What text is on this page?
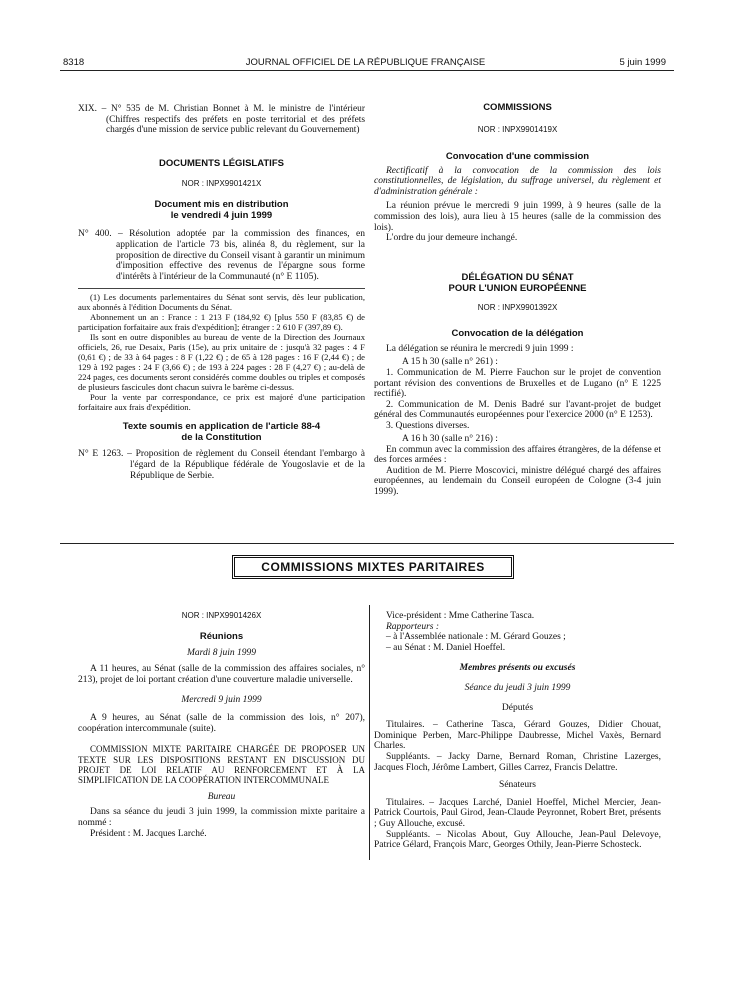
8318	JOURNAL OFFICIEL DE LA RÉPUBLIQUE FRANÇAISE	5 juin 1999

XIX. – N° 535 de M. Christian Bonnet à M. le ministre de l'intérieur (Chiffres respectifs des préfets en poste territorial et des préfets chargés d'une mission de service public relevant du Gouvernement)

DOCUMENTS LÉGISLATIFS
NOR : INPX9901421X
Document mis en distribution
le vendredi 4 juin 1999

N° 400. – Résolution adoptée par la commission des finances, en application de l'article 73 bis, alinéa 8, du règlement, sur la proposition de directive du Conseil visant à garantir un minimum d'imposition effective des revenus de l'épargne sous forme d'intérêts à l'intérieur de la Communauté (n° E 1105).

(1) Les documents parlementaires du Sénat sont servis, dès leur publication, aux abonnés à l'édition Documents du Sénat.

Abonnement un an : France : 1 213 F (184,92 €) [plus 550 F (83,85 €) de participation forfaitaire aux frais d'expédition]; étranger : 2 610 F (397,89 €).

Ils sont en outre disponibles au bureau de vente de la Direction des Journaux officiels, 26, rue Desaix, Paris (15e), au prix unitaire de : jusqu'à 32 pages : 4 F (0,61 €) ; de 33 à 64 pages : 8 F (1,22 €) ; de 65 à 128 pages : 16 F (2,44 €) ; de 129 à 192 pages : 24 F (3,66 €) ; de 193 à 224 pages : 28 F (4,27 €) ; au-delà de 224 pages, ces documents seront considérés comme doubles ou triples et composés de plusieurs fascicules dont chacun suivra le barème ci-dessus.

Pour la vente par correspondance, ce prix est majoré d'une participation forfaitaire aux frais d'expédition.

Texte soumis en application de l'article 88-4
de la Constitution

N° E 1263. – Proposition de règlement du Conseil étendant l'embargo à l'égard de la République fédérale de Yougoslavie et de la République de Serbie.

COMMISSIONS
NOR : INPX9901419X
Convocation d'une commission

Rectificatif à la convocation de la commission des lois constitutionnelles, de législation, du suffrage universel, du règlement et d'administration générale :

La réunion prévue le mercredi 9 juin 1999, à 9 heures (salle de la commission des lois), aura lieu à 15 heures (salle de la commission des lois).

L'ordre du jour demeure inchangé.

DÉLÉGATION DU SÉNAT
POUR L'UNION EUROPÉENNE
NOR : INPX9901392X
Convocation de la délégation

La délégation se réunira le mercredi 9 juin 1999 :

A 15 h 30 (salle n° 261) :

1. Communication de M. Pierre Fauchon sur le projet de convention portant révision des conventions de Bruxelles et de Lugano (n° E 1225 rectifié).

2. Communication de M. Denis Badré sur l'avant-projet de budget général des Communautés européennes pour l'exercice 2000 (n° E 1253).

3. Questions diverses.

A 16 h 30 (salle n° 216) :

En commun avec la commission des affaires étrangères, de la défense et des forces armées :

Audition de M. Pierre Moscovici, ministre délégué chargé des affaires européennes, au lendemain du Conseil européen de Cologne (3-4 juin 1999).

COMMISSIONS MIXTES PARITAIRES
NOR : INPX9901426X
Réunions
Mardi 8 juin 1999

A 11 heures, au Sénat (salle de la commission des affaires sociales, n° 213), projet de loi portant création d'une couverture maladie universelle.

Mercredi 9 juin 1999

A 9 heures, au Sénat (salle de la commission des lois, n° 207), coopération intercommunale (suite).

COMMISSION MIXTE PARITAIRE CHARGÉE DE PROPOSER UN TEXTE SUR LES DISPOSITIONS RESTANT EN DISCUSSION DU PROJET DE LOI RELATIF AU RENFORCEMENT ET À LA SIMPLIFICATION DE LA COOPÉRATION INTERCOMMUNALE

Bureau

Dans sa séance du jeudi 3 juin 1999, la commission mixte paritaire a nommé :

Président : M. Jacques Larché.

Vice-président : Mme Catherine Tasca.

Rapporteurs :

– à l'Assemblée nationale : M. Gérard Gouzes ;

– au Sénat : M. Daniel Hoeffel.

Membres présents ou excusés
Séance du jeudi 3 juin 1999
Députés

Titulaires. – Catherine Tasca, Gérard Gouzes, Didier Chouat, Dominique Perben, Marc-Philippe Daubresse, Michel Vaxès, Bernard Charles.

Suppléants. – Jacky Darne, Bernard Roman, Christine Lazerges, Jacques Floch, Jérôme Lambert, Gilles Carrez, Francis Delattre.

Sénateurs

Titulaires. – Jacques Larché, Daniel Hoeffel, Michel Mercier, Jean-Patrick Courtois, Paul Girod, Jean-Claude Peyronnet, Robert Bret, présents ; Guy Allouche, excusé.

Suppléants. – Nicolas About, Guy Allouche, Jean-Paul Delevoye, Patrice Gélard, François Marc, Georges Othily, Jean-Pierre Schosteck.
